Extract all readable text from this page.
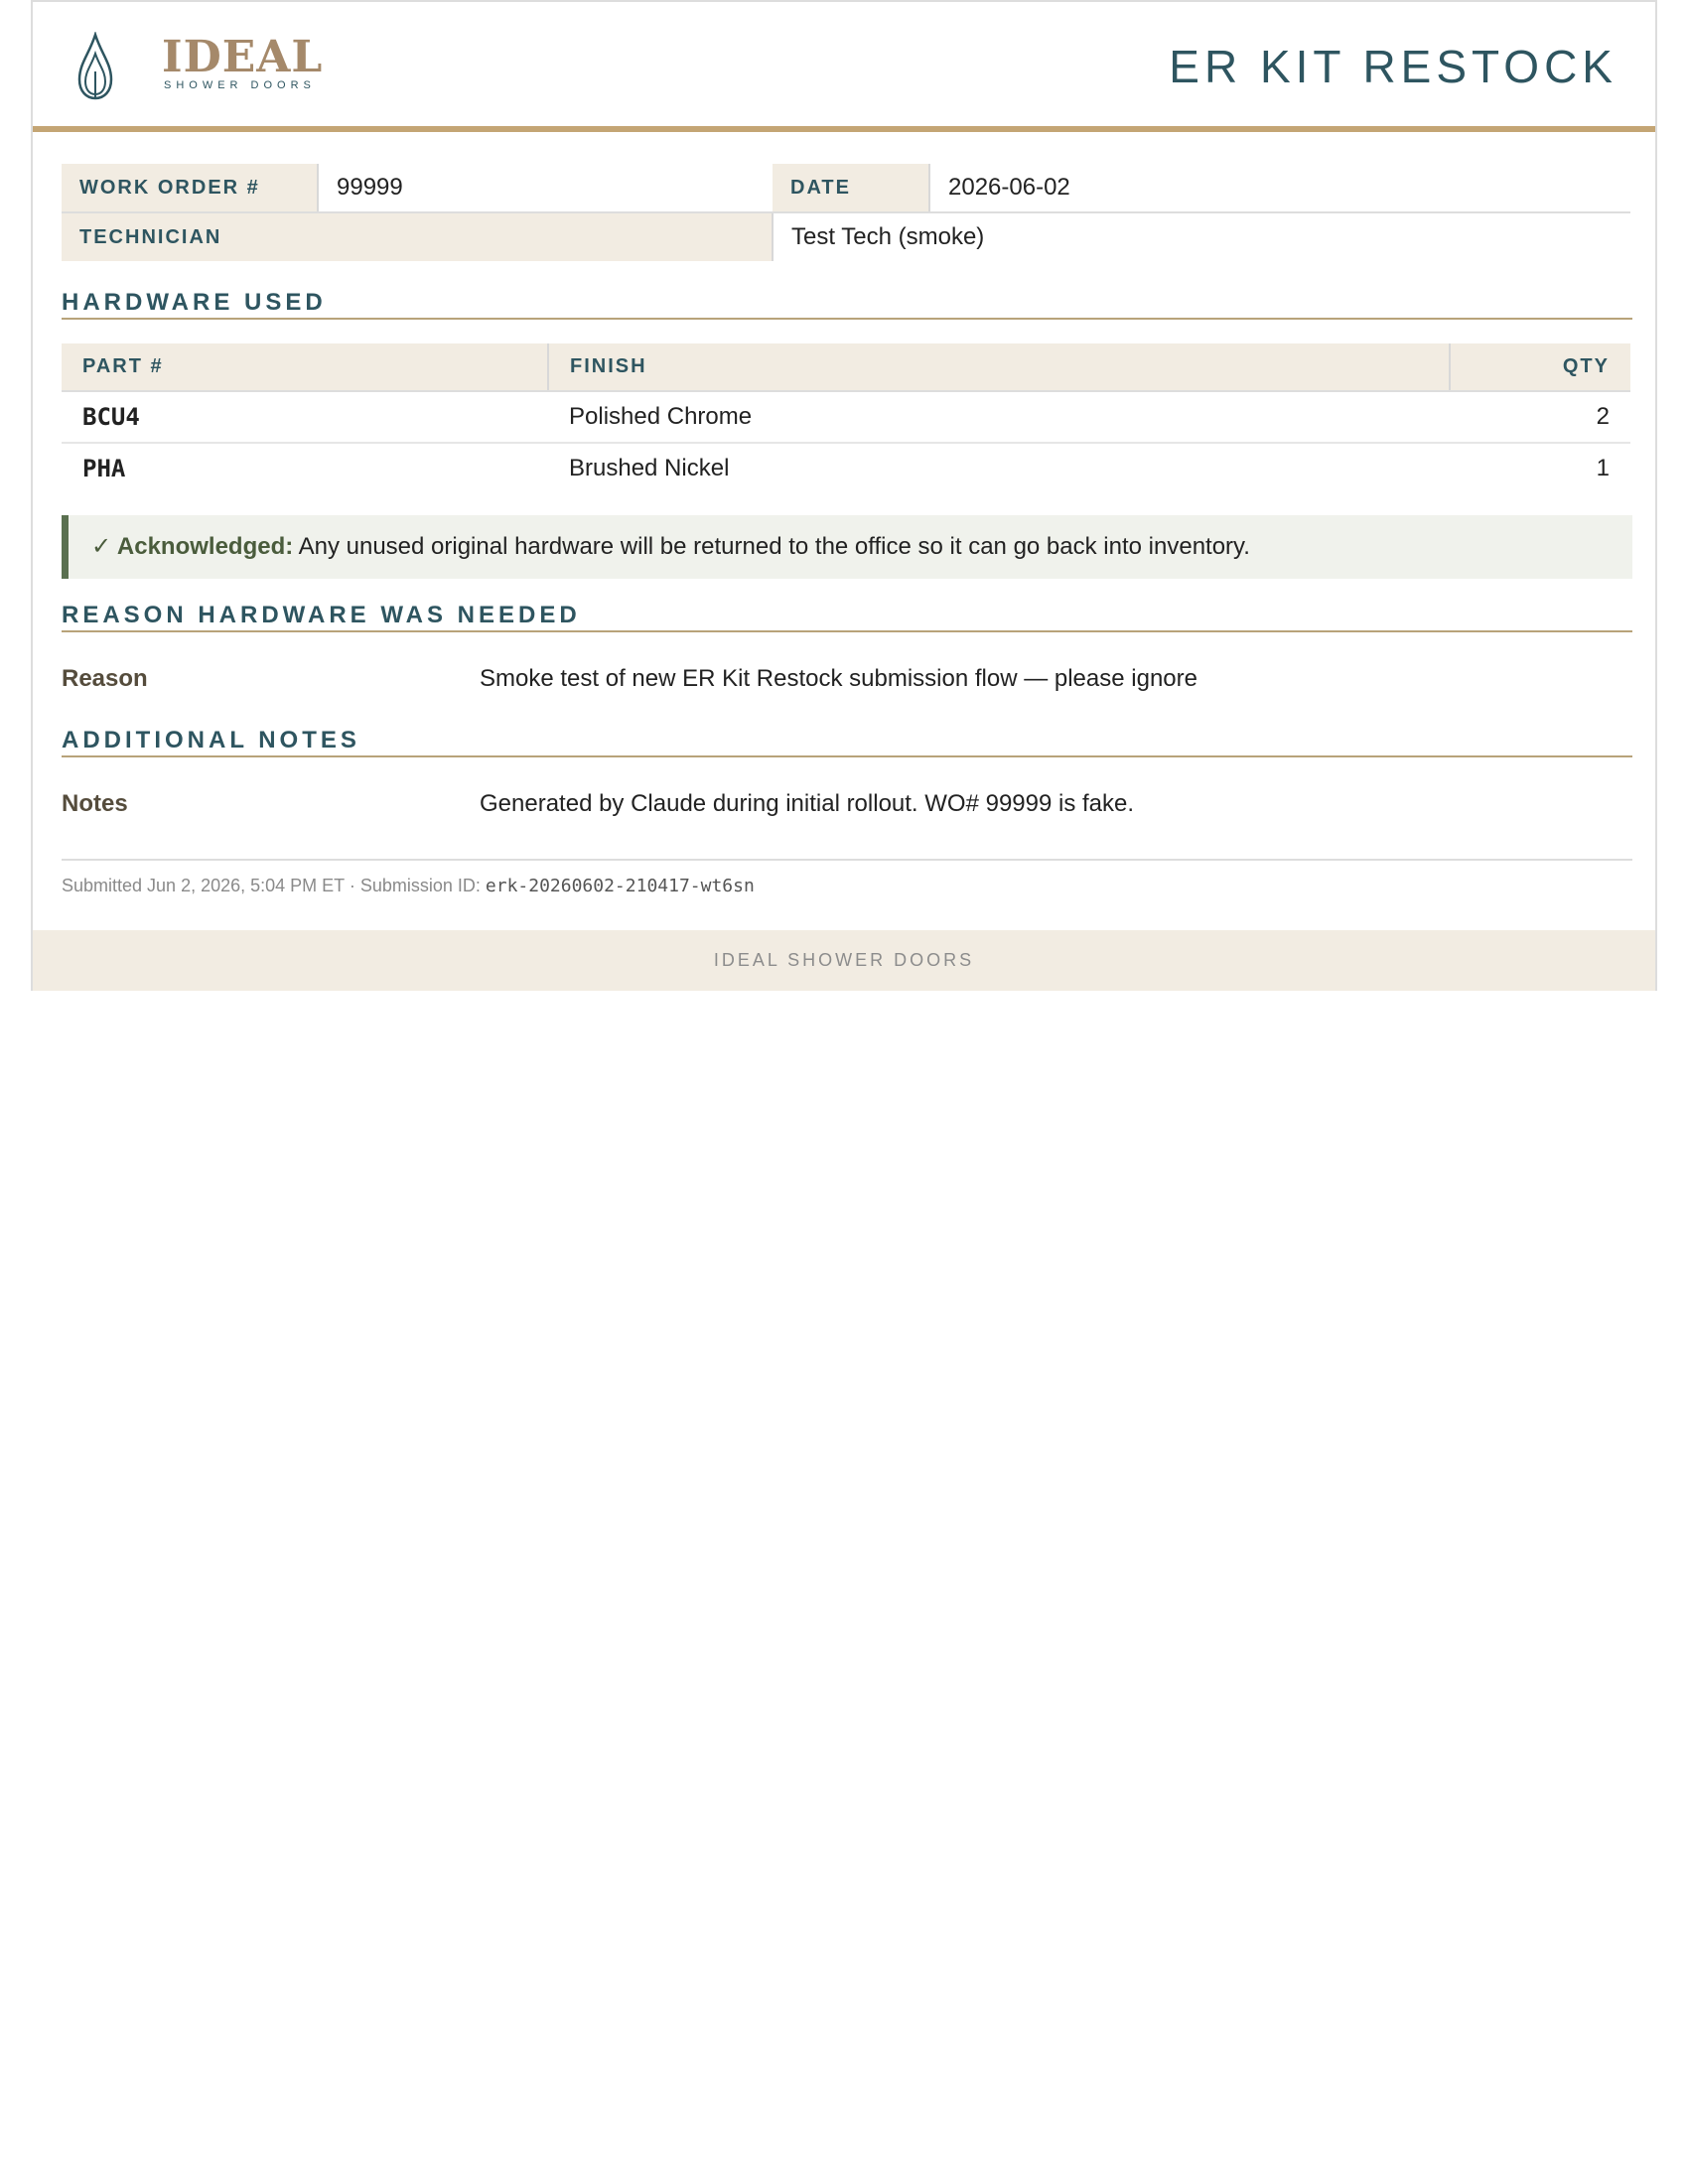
IDEAL
SHOWER DOORS	ER KIT RESTOCK
WORK ORDER #	99999	DATE	2026-06-02
TECHNICIAN		Test Tech (smoke)	
HARDWARE USED
PART #	FINISH	QTY
BCU4	Polished Chrome	2
PHA	Brushed Nickel	1
✓ Acknowledged: Any unused original hardware will be returned to the office so it can go back into inventory.
REASON HARDWARE WAS NEEDED
Reason	Smoke test of new ER Kit Restock submission flow — please ignore
ADDITIONAL NOTES
Notes	Generated by Claude during initial rollout. WO# 99999 is fake.
Submitted Jun 2, 2026, 5:04 PM ET · Submission ID: erk-20260602-210417-wt6sn
IDEAL SHOWER DOORS
